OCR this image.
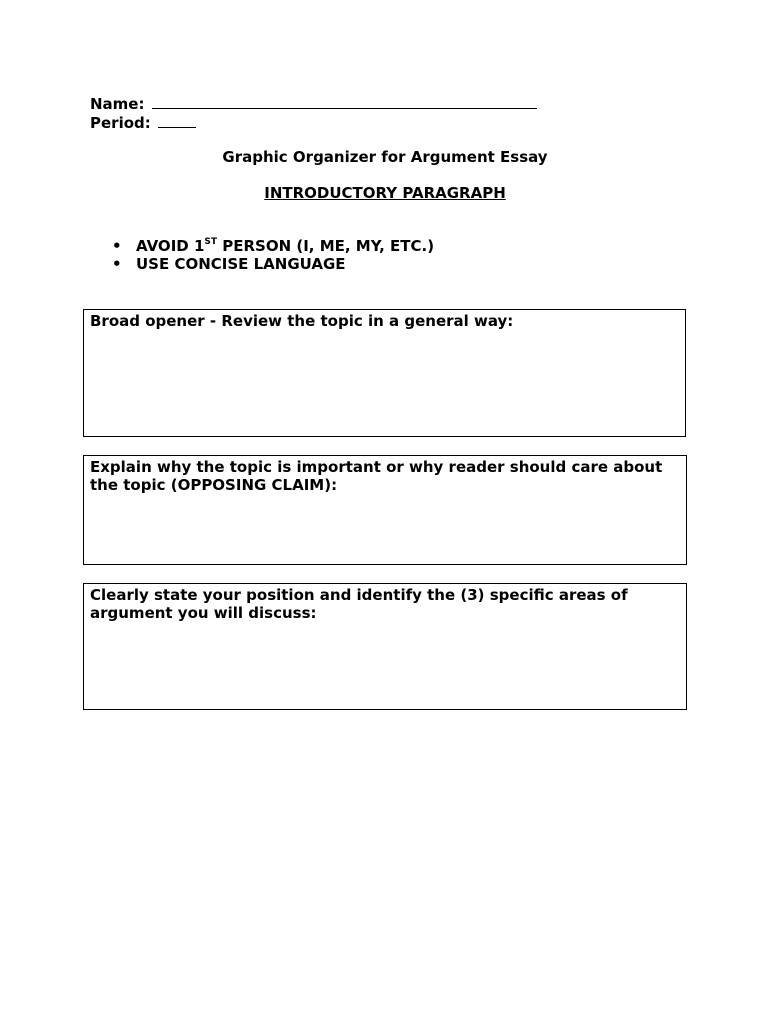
Name:
Period:
Graphic Organizer for Argument Essay
INTRODUCTORY PARAGRAPH
• AVOID 1ST PERSON (I, ME, MY, ETC.)
• USE CONCISE LANGUAGE
Broad opener - Review the topic in a general way:
Explain why the topic is important or why reader should care about the topic (OPPOSING CLAIM):
Clearly state your position and identify the (3) specific areas of argument you will discuss:
